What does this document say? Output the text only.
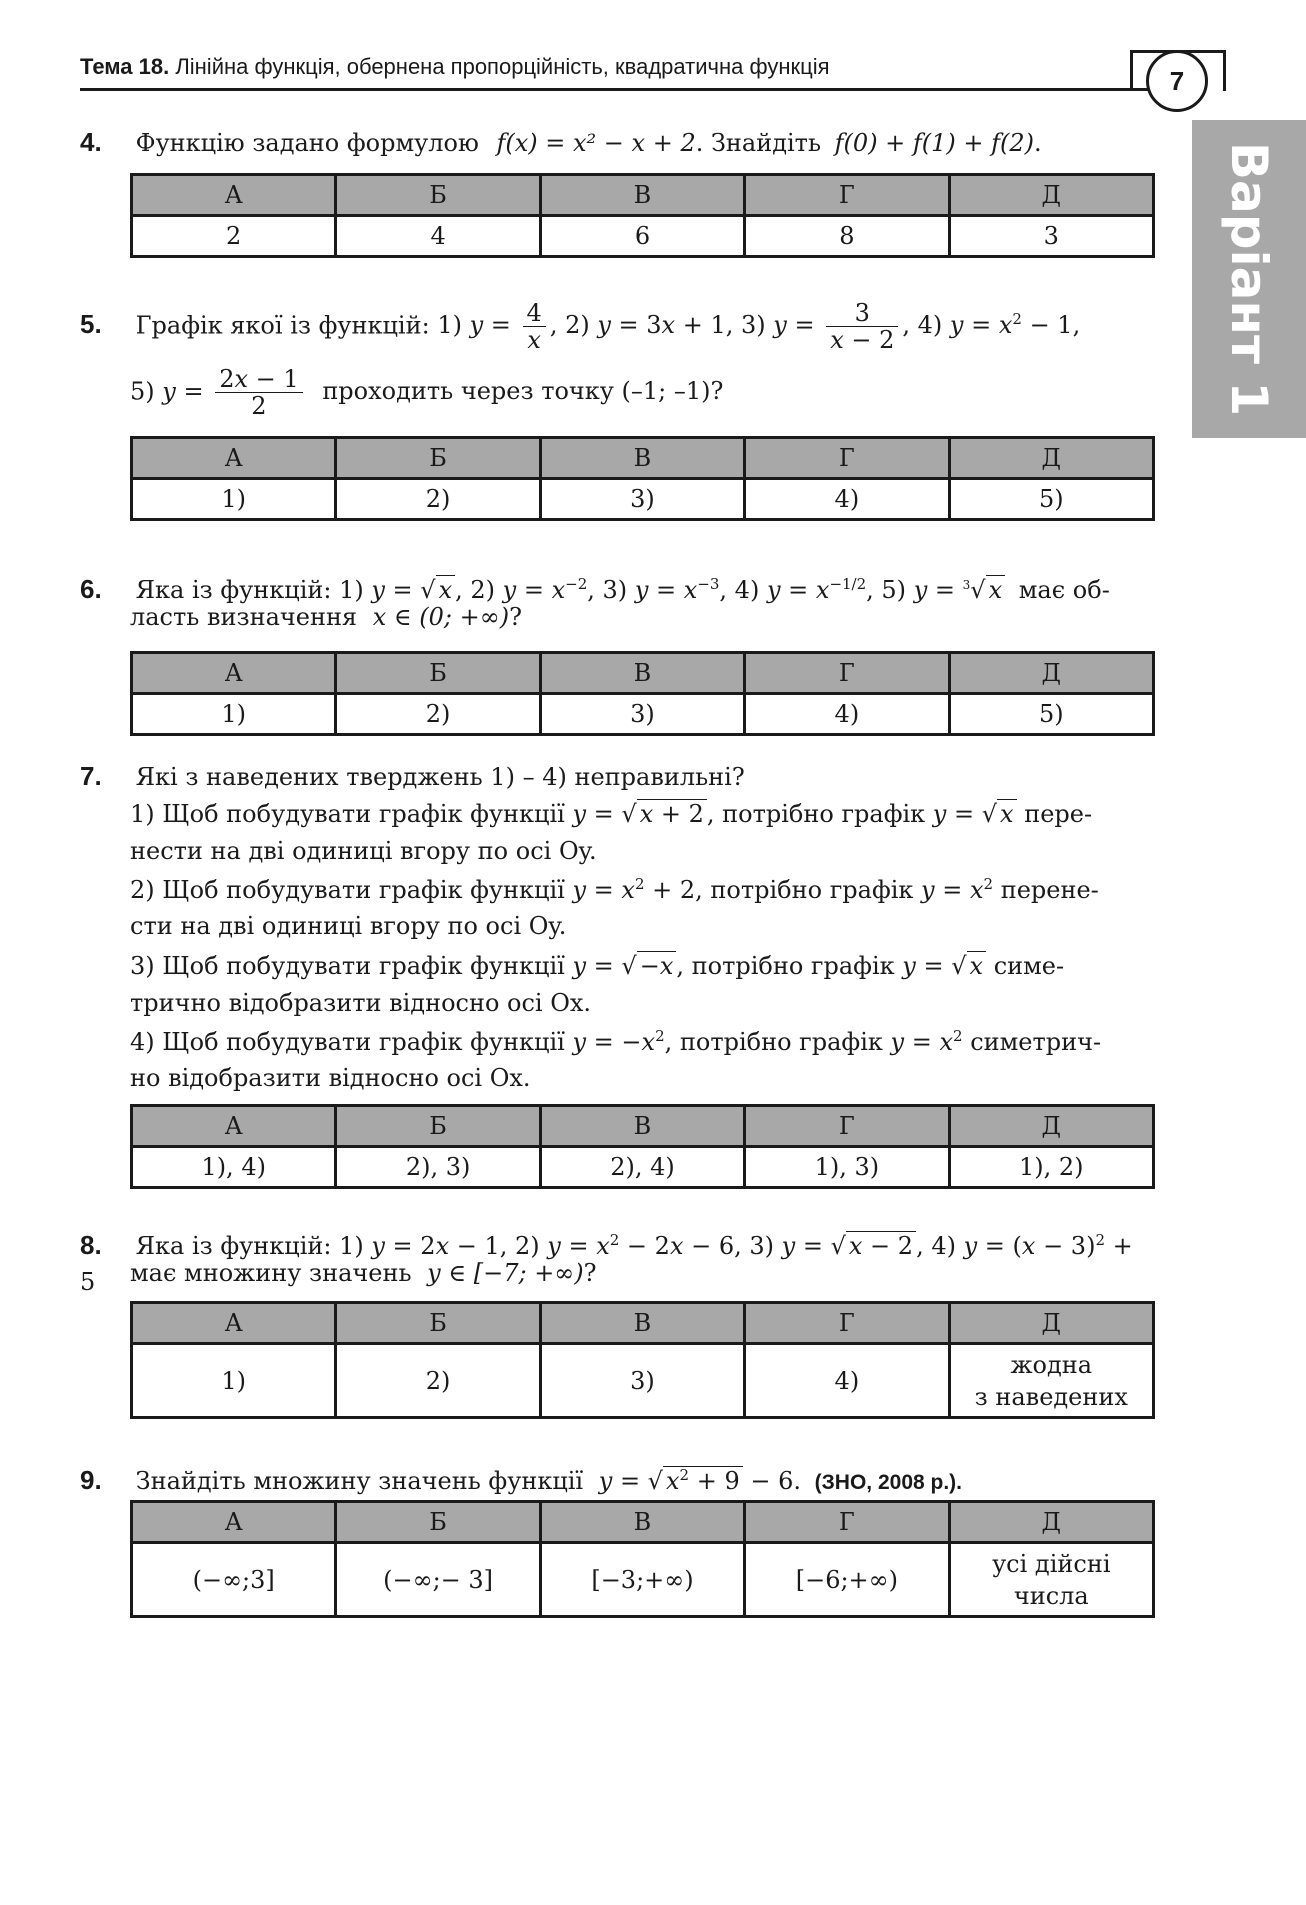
Тема 18. Лінійна функція, обернена пропорційність, квадратична функція	7
Варіант 1
4. Функцію задано формулою f(x) = x² − x + 2. Знайдіть f(0) + f(1) + f(2).
А	Б	В	Г	Д
2	4	6	8	3
5. Графік якої із функцій: 1) $y = \frac{4}{x}$ , 2) y = 3x + 1, 3) $y = \frac{3}{x - 2}$ , 4) $y = x^2 - 1$,
5) $y = \frac{2x - 1}{2}$ проходить через точку (–1; –1)?
А	Б	В	Г	Д
1)	2)	3)	4)	5)
6. Яка із функцій: 1) y = √ x , 2) $y = x^{-2}$, 3) $y = x^{-3}$, 4) $y = x^{-1/2}$, 5) y = $^3$√ x має об-
ласть визначення x ∈ (0; +∞)?
А	Б	В	Г	Д
1)	2)	3)	4)	5)
7. Які з наведених тверджень 1) – 4) неправильні?
1) Щоб побудувати графік функції y = √ x + 2 , потрібно графік y = √ x пере-
нести на дві одиниці вгору по осі Oy.
2) Щоб побудувати графік функції $y = x^2 + 2$, потрібно графік $y = x^2$ перене-
сти на дві одиниці вгору по осі Oy.
3) Щоб побудувати графік функції y = √ −x , потрібно графік y = √ x симе-
трично відобразити відносно осі Ox.
4) Щоб побудувати графік функції $y = -x^2$, потрібно графік $y = x^2$ симетрич-
но відобразити відносно осі Ox.
А	Б	В	Г	Д
1), 4)	2), 3)	2), 4)	1), 3)	1), 2)
8. Яка із функцій: 1) y = 2x − 1, 2) $y = x^2 - 2x - 6$, 3) y = √ x − 2 , 4) $y = (x - 3)^2 + 5$	має множину значень y ∈ [−7; +∞)?
А	Б	В	Г	Д
1)	2)	3)	4)	жодна
з наведених
9. Знайдіть множину значень функції y = √ $x^2 + 9 - 6$. (ЗНО, 2008 р.).
А	Б	В	Г	Д
(−∞;3]	(−∞;− 3]	[−3;+∞)	[−6;+∞)	усі дійсні
числа
